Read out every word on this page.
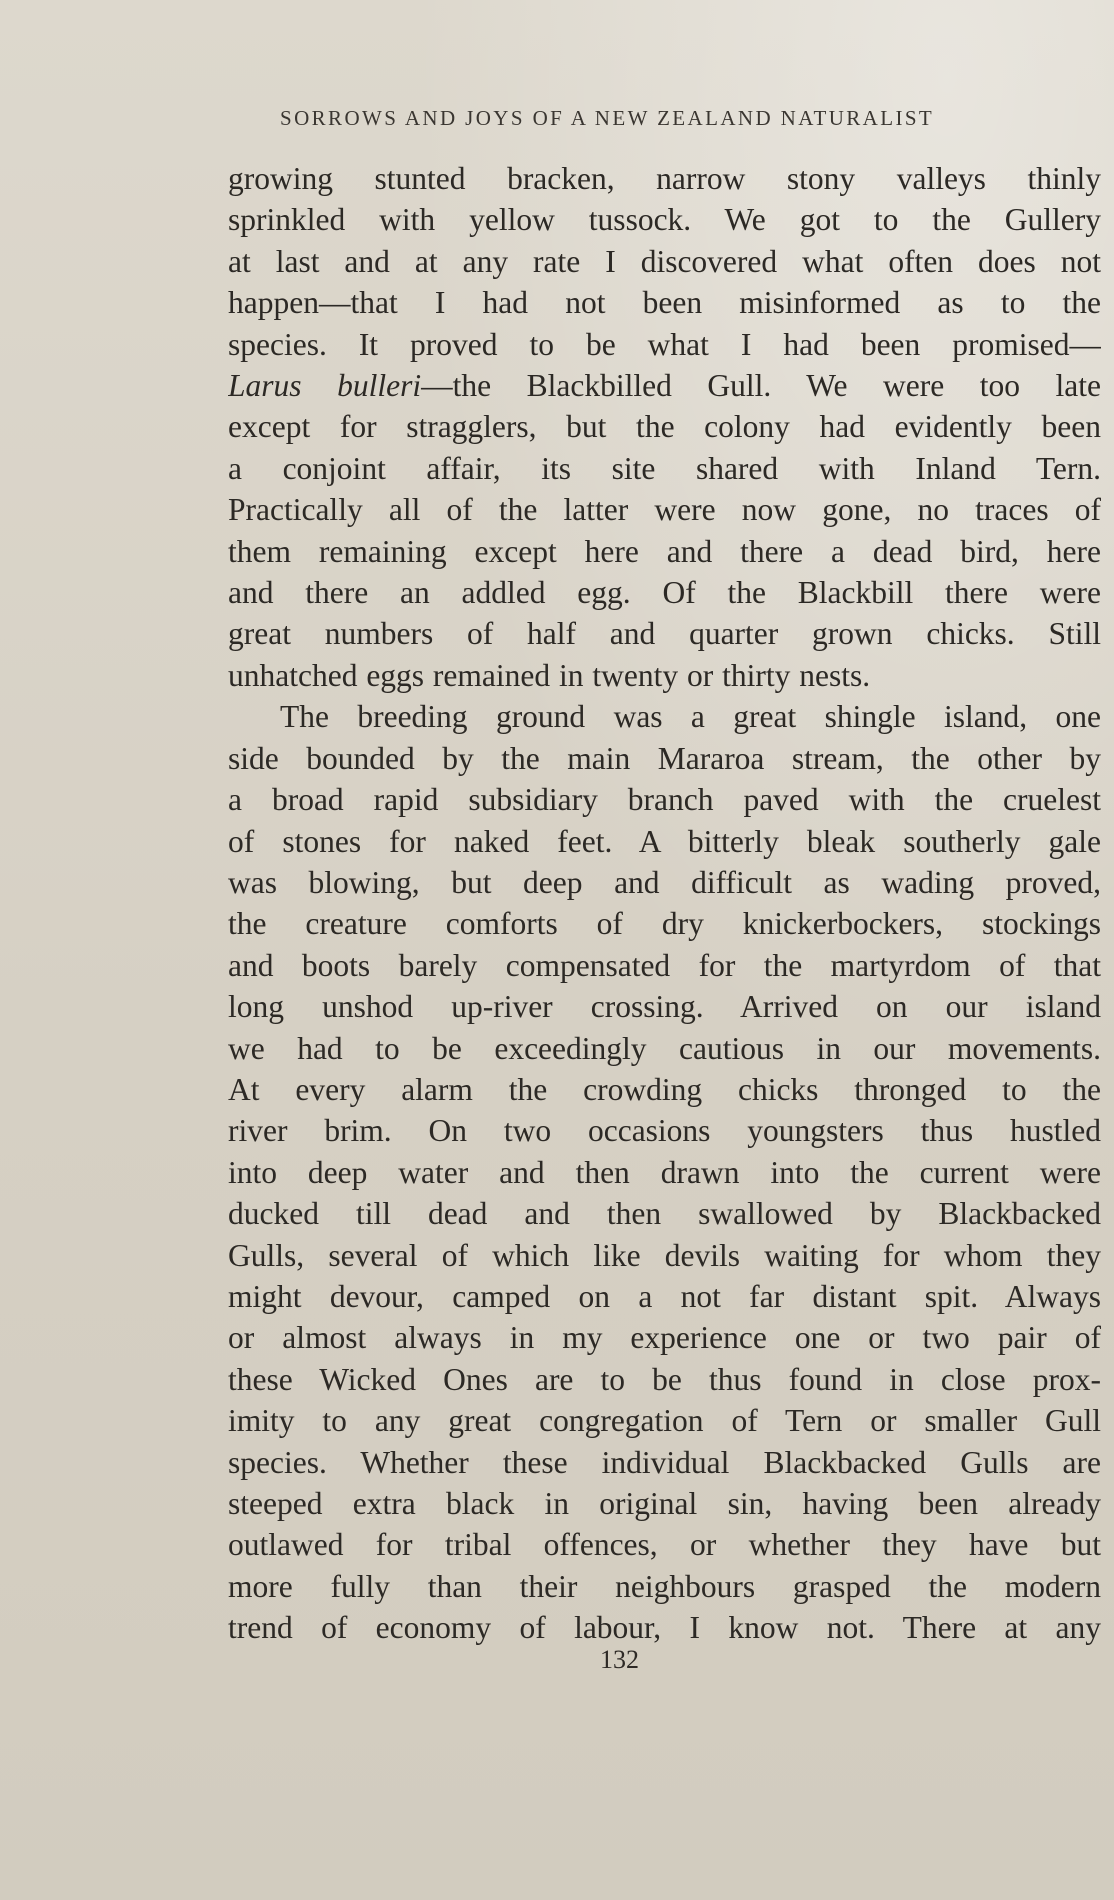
SORROWS AND JOYS OF A NEW ZEALAND NATURALIST
growing stunted bracken, narrow stony valleys thinly
sprinkled with yellow tussock. We got to the Gullery
at last and at any rate I discovered what often does not
happen—that I had not been misinformed as to the
species. It proved to be what I had been promised—
Larus bulleri—the Blackbilled Gull. We were too late
except for stragglers, but the colony had evidently been
a conjoint affair, its site shared with Inland Tern.
Practically all of the latter were now gone, no traces of
them remaining except here and there a dead bird, here
and there an addled egg. Of the Blackbill there were
great numbers of half and quarter grown chicks. Still
unhatched eggs remained in twenty or thirty nests.
The breeding ground was a great shingle island, one
side bounded by the main Mararoa stream, the other by
a broad rapid subsidiary branch paved with the cruelest
of stones for naked feet. A bitterly bleak southerly gale
was blowing, but deep and difficult as wading proved,
the creature comforts of dry knickerbockers, stockings
and boots barely compensated for the martyrdom of that
long unshod up-river crossing. Arrived on our island
we had to be exceedingly cautious in our movements.
At every alarm the crowding chicks thronged to the
river brim. On two occasions youngsters thus hustled
into deep water and then drawn into the current were
ducked till dead and then swallowed by Blackbacked
Gulls, several of which like devils waiting for whom they
might devour, camped on a not far distant spit. Always
or almost always in my experience one or two pair of
these Wicked Ones are to be thus found in close prox-
imity to any great congregation of Tern or smaller Gull
species. Whether these individual Blackbacked Gulls are
steeped extra black in original sin, having been already
outlawed for tribal offences, or whether they have but
more fully than their neighbours grasped the modern
trend of economy of labour, I know not. There at any
132
